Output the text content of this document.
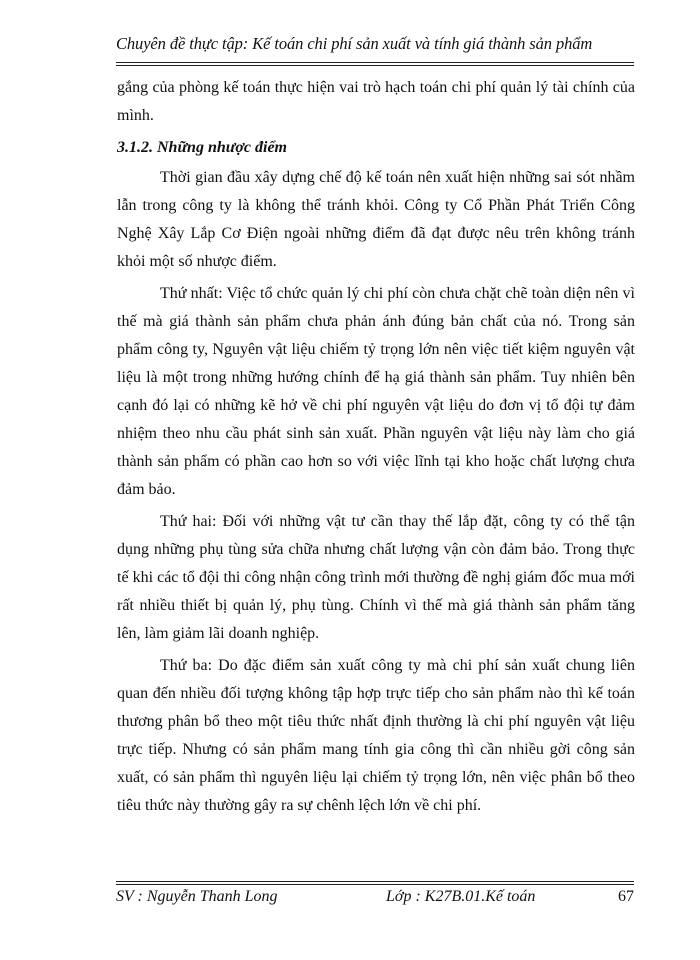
Chuyên đề thực tập: Kế toán chi phí sản xuất và tính giá thành sản phẩm

gắng của phòng kế toán thực hiện vai trò hạch toán chi phí quản lý tài chính của mình.

3.1.2. Những nhược điểm

Thời gian đầu xây dựng chế độ kế toán nên xuất hiện những sai sót nhầm lẫn trong công ty là không thể tránh khỏi. Công ty Cổ Phần Phát Triển Công Nghệ Xây Lắp Cơ Điện ngoài những điểm đã đạt được nêu trên không tránh khỏi một số nhược điểm.

Thứ nhất: Việc tổ chức quản lý chi phí còn chưa chặt chẽ toàn diện nên vì thế mà giá thành sản phẩm chưa phản ánh đúng bản chất của nó. Trong sản phẩm công ty, Nguyên vật liệu chiếm tỷ trọng lớn nên việc tiết kiệm nguyên vật liệu là một trong những hướng chính để hạ giá thành sản phẩm. Tuy nhiên bên cạnh đó lại có những kẽ hở về chi phí nguyên vật liệu do đơn vị tổ đội tự đảm nhiệm theo nhu cầu phát sinh sản xuất. Phần nguyên vật liệu này làm cho giá thành sản phẩm có phần cao hơn so với việc lĩnh tại kho hoặc chất lượng chưa đảm bảo.

Thứ hai: Đối với những vật tư cần thay thế lắp đặt, công ty có thể tận dụng những phụ tùng sửa chữa nhưng chất lượng vận còn đảm bảo. Trong thực tế khi các tổ đội thi công nhận công trình mới thường đề nghị giám đốc mua mới rất nhiều thiết bị quản lý, phụ tùng. Chính vì thế mà giá thành sản phẩm tăng lên, làm giảm lãi doanh nghiệp.

Thứ ba: Do đặc điểm sản xuất công ty mà chi phí sản xuất chung liên quan đến nhiều đối tượng không tập hợp trực tiếp cho sản phẩm nào thì kế toán thương phân bổ theo một tiêu thức nhất định thường là chi phí nguyên vật liệu trực tiếp. Nhưng có sản phẩm mang tính gia công thì cần nhiều gời công sản xuất, có sản phẩm thì nguyên liệu lại chiếm tỷ trọng lớn, nên việc phân bổ theo tiêu thức này thường gây ra sự chênh lệch lớn về chi phí.

SV : Nguyễn Thanh Long	Lớp : K27B.01.Kế toán	67
